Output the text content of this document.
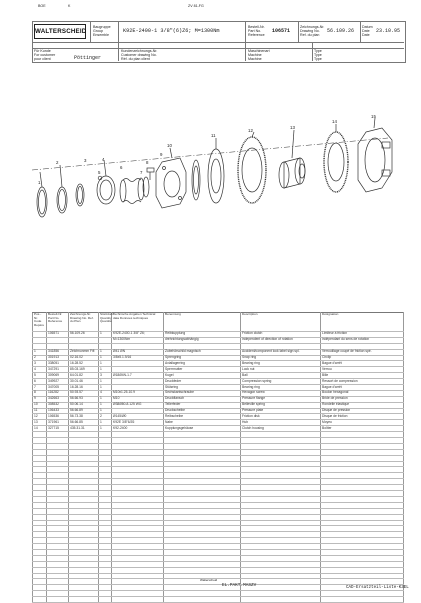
BOE	K	ZV 81-FG
WALTERSCHEID
Baugruppe
Group
Ensemble
K92E-2400-1 3/8"(6)Z6; M=1300Nm
Bestell-Nr.
Part No.
Reference
106571
Zeichnungs-Nr.
Drawing No.
Ref. du plan
56.109.26
Datum
Date
Date
23.10.95
Für Kunde
For customer
pour client	Pöttinger
Kundenzeichnungs-Nr.
Customer drawing No.
Réf. du plan client
Maschinenart
Machine
Machine
Type
Type
Type
1
2	3	4
5
6
7
8
9
10
11
12
13
14
15
Pos.-Nr. Code Repère	Bestell-Nr. Part No. Reference	Zeichnungs-Nr. Drawing No. Ref. du Plan	Stückzahl Quantity Quantité	Technische Angaben Technical data Données techniques	Benennung	Description	Désignation
	106571	56.109.26	1	K92E-2400-1 3/8" Z6;	Reibkupplung	Friction clutch	Limiteur à friction
				M=1300Nm	drehrichtungsabhängig	independent of direction of rotation	indépendant du sens de rotation

1	341856	Zeichnunmm Fifl	1	Ø41 ØN	Zubehörschild magnisch	Accident/component lock label sign spl.	Verrouillage coupé de friction spé.
2	301913	02.16.02	1	3/8x5.1.9/16	Sprengring	Snap ring	Circlip
3	338051	16.28.52	1		Axiallagerring	Bearing ring	Bague d'arrêt
4	347291	85.03.169	1		Sperrmutter	Lock nut	Verrou
5	309069	64.01.82	3	Ø18Ø4N-1.7	Kugel	Ball	Bille
6	349927	30.01.46	1		Druckfeder	Compression spring	Ressort de compression
7	347005	16.28.16	1		Stützring	Bearing ring	Bague d'arrêt
8	116282	50.93.57	4	M10x1.25-10.9	Sechskantschraube	Hexagon screw	Boulon hexagonal
9	342663	56.66.93	1	M10	Druckflansch	Pressure flange	Bride de pression
10	308532	50.06.14	1	Ø38Ø80-8.125 WG	Tellerfeder	Belleville spring	Rondelle élastique
11	106433	56.66.89	1		Druckscheibe	Pressure plate	Disque de pression
12	106536	56.73.38	2	Ø145/Ø0	Reibscheibe	Friction disk	Disque de friction
13	371961	56.66.85	1	K92E 3/8"6/Z6	Nabe	Hub	Moyeu
14	327715	435.31.31	1	K92-2400	Kupplungsgehäuse	Clutch housing	Boîtier

Walterscheid
EL.PAKT.MASZV	CAD-Ersatzteil-Liste-K3EL
